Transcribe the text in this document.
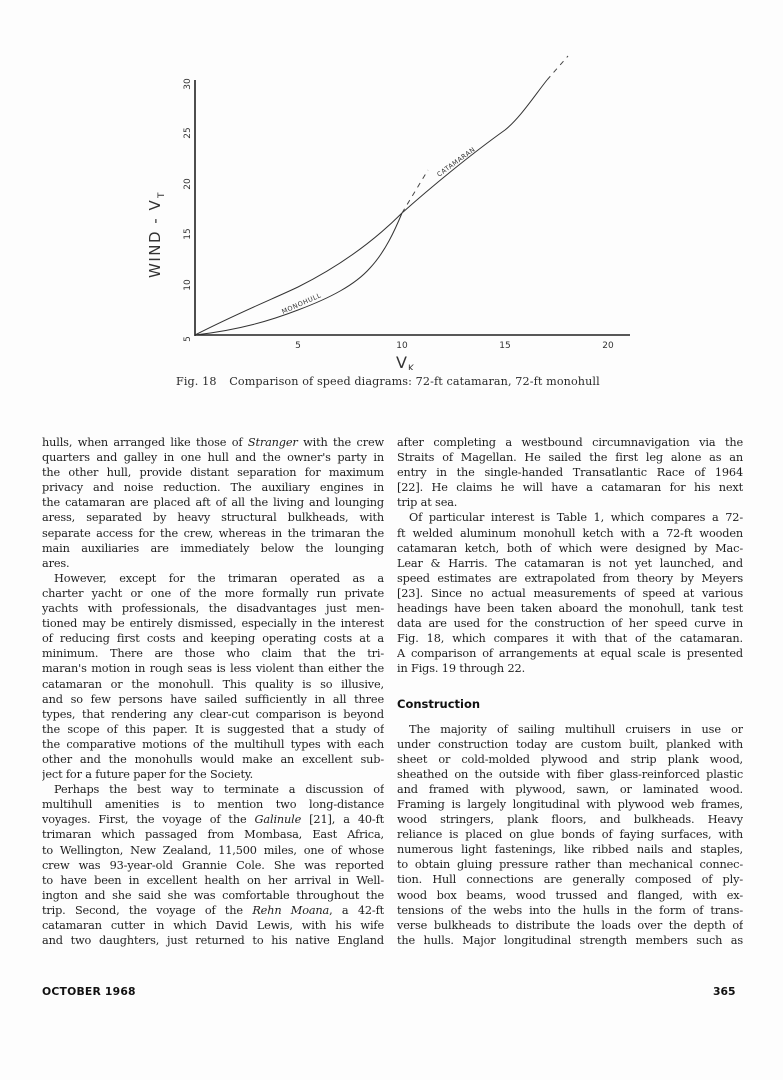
5
10
15
20
25
30
5	10	15	20
V K
WIND - V
T
MONOHULL
CATAMARAN
Fig. 18 Comparison of speed diagrams: 72-ft catamaran, 72-ft monohull
hulls, when arranged like those of Stranger with the crew
quarters and galley in one hull and the owner's party in
the other hull, provide distant separation for maximum
privacy and noise reduction. The auxiliary engines in
the catamaran are placed aft of all the living and lounging
aress, separated by heavy structural bulkheads, with
separate access for the crew, whereas in the trimaran the
main auxiliaries are immediately below the lounging
ares.
However, except for the trimaran operated as a
charter yacht or one of the more formally run private
yachts with professionals, the disadvantages just men-
tioned may be entirely dismissed, especially in the interest
of reducing first costs and keeping operating costs at a
minimum. There are those who claim that the tri-
maran's motion in rough seas is less violent than either the
catamaran or the monohull. This quality is so illusive,
and so few persons have sailed sufficiently in all three
types, that rendering any clear-cut comparison is beyond
the scope of this paper. It is suggested that a study of
the comparative motions of the multihull types with each
other and the monohulls would make an excellent sub-
ject for a future paper for the Society.
Perhaps the best way to terminate a discussion of
multihull amenities is to mention two long-distance
voyages. First, the voyage of the Galinule [21], a 40-ft
trimaran which passaged from Mombasa, East Africa,
to Wellington, New Zealand, 11,500 miles, one of whose
crew was 93-year-old Grannie Cole. She was reported
to have been in excellent health on her arrival in Well-
ington and she said she was comfortable throughout the
trip. Second, the voyage of the Rehn Moana, a 42-ft
catamaran cutter in which David Lewis, with his wife
and two daughters, just returned to his native England
after completing a westbound circumnavigation via the
Straits of Magellan. He sailed the first leg alone as an
entry in the single-handed Transatlantic Race of 1964
[22]. He claims he will have a catamaran for his next
trip at sea.
Of particular interest is Table 1, which compares a 72-
ft welded aluminum monohull ketch with a 72-ft wooden
catamaran ketch, both of which were designed by Mac-
Lear & Harris. The catamaran is not yet launched, and
speed estimates are extrapolated from theory by Meyers
[23]. Since no actual measurements of speed at various
headings have been taken aboard the monohull, tank test
data are used for the construction of her speed curve in
Fig. 18, which compares it with that of the catamaran.
A comparison of arrangements at equal scale is presented
in Figs. 19 through 22.
Construction
The majority of sailing multihull cruisers in use or
under construction today are custom built, planked with
sheet or cold-molded plywood and strip plank wood,
sheathed on the outside with fiber glass-reinforced plastic
and framed with plywood, sawn, or laminated wood.
Framing is largely longitudinal with plywood web frames,
wood stringers, plank floors, and bulkheads. Heavy
reliance is placed on glue bonds of faying surfaces, with
numerous light fastenings, like ribbed nails and staples,
to obtain gluing pressure rather than mechanical connec-
tion. Hull connections are generally composed of ply-
wood box beams, wood trussed and flanged, with ex-
tensions of the webs into the hulls in the form of trans-
verse bulkheads to distribute the loads over the depth of
the hulls. Major longitudinal strength members such as
OCTOBER 1968	365
